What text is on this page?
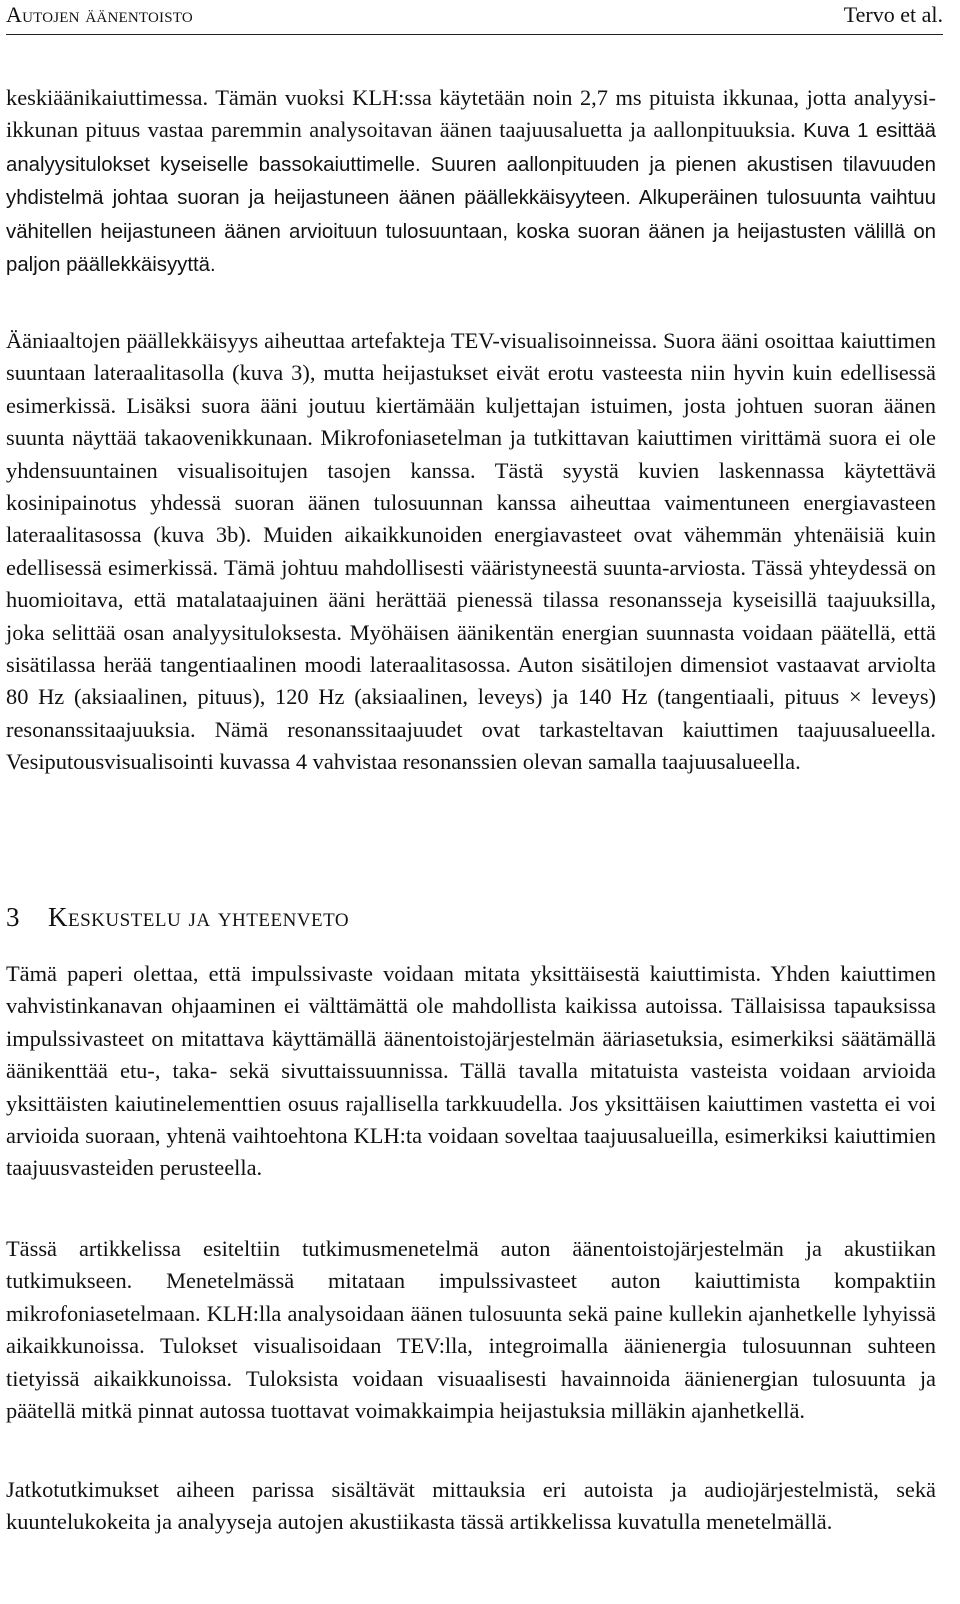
Autojen äänentoisto	Tervo et al.

keskiäänikaiuttimessa. Tämän vuoksi KLH:ssa käytetään noin 2,7 ms pituista ikkunaa, jotta analyysi-ikkunan pituus vastaa paremmin analysoitavan äänen taajuusaluetta ja aallonpituuksia. Kuva 1 esittää analyysitulokset kyseiselle bassokaiuttimelle. Suuren aallonpituuden ja pienen akustisen tilavuuden yhdistelmä johtaa suoran ja heijastuneen äänen päällekkäisyyteen. Alkuperäinen tulosuunta vaihtuu vähitellen heijastuneen äänen arvioituun tulosuuntaan, koska suoran äänen ja heijastusten välillä on paljon päällekkäisyyttä.

Ääniaaltojen päällekkäisyys aiheuttaa artefakteja TEV-visualisoinneissa. Suora ääni osoittaa kaiuttimen suuntaan lateraalitasolla (kuva 3), mutta heijastukset eivät erotu vasteesta niin hyvin kuin edellisessä esimerkissä. Lisäksi suora ääni joutuu kiertämään kuljettajan istuimen, josta johtuen suoran äänen suunta näyttää takaovenikkunaan. Mikrofoniasetelman ja tutkittavan kaiuttimen virittämä suora ei ole yhdensuuntainen visualisoitujen tasojen kanssa. Tästä syystä kuvien laskennassa käytettävä kosinipainotus yhdessä suoran äänen tulosuunnan kanssa aiheuttaa vaimentuneen energiavasteen lateraalitasossa (kuva 3b). Muiden aikaikkunoiden energiavasteet ovat vähemmän yhtenäisiä kuin edellisessä esimerkissä. Tämä johtuu mahdollisesti vääristyneestä suunta-arviosta. Tässä yhteydessä on huomioitava, että matalataajuinen ääni herättää pienessä tilassa resonansseja kyseisillä taajuuksilla, joka selittää osan analyysituloksesta. Myöhäisen äänikentän energian suunnasta voidaan päätellä, että sisätilassa herää tangentiaalinen moodi lateraalitasossa. Auton sisätilojen dimensiot vastaavat arviolta 80 Hz (aksiaalinen, pituus), 120 Hz (aksiaalinen, leveys) ja 140 Hz (tangentiaali, pituus × leveys) resonanssitaajuuksia. Nämä resonanssitaajuudet ovat tarkasteltavan kaiuttimen taajuusalueella. Vesiputousvisualisointi kuvassa 4 vahvistaa resonanssien olevan samalla taajuusalueella.

3 Keskustelu ja yhteenveto

Tämä paperi olettaa, että impulssivaste voidaan mitata yksittäisestä kaiuttimista. Yhden kaiuttimen vahvistinkanavan ohjaaminen ei välttämättä ole mahdollista kaikissa autoissa. Tällaisissa tapauksissa impulssivasteet on mitattava käyttämällä äänentoistojärjestelmän ääriasetuksia, esimerkiksi säätämällä äänikenttää etu-, taka- sekä sivuttaissuunnissa. Tällä tavalla mitatuista vasteista voidaan arvioida yksittäisten kaiutinelementtien osuus rajallisella tarkkuudella. Jos yksittäisen kaiuttimen vastetta ei voi arvioida suoraan, yhtenä vaihtoehtona KLH:ta voidaan soveltaa taajuusalueilla, esimerkiksi kaiuttimien taajuusvasteiden perusteella.

Tässä artikkelissa esiteltiin tutkimusmenetelmä auton äänentoistojärjestelmän ja akustiikan tutkimukseen. Menetelmässä mitataan impulssivasteet auton kaiuttimista kompaktiin mikrofoniasetelmaan. KLH:lla analysoidaan äänen tulosuunta sekä paine kullekin ajanhetkelle lyhyissä aikaikkunoissa. Tulokset visualisoidaan TEV:lla, integroimalla äänienergia tulosuunnan suhteen tietyissä aikaikkunoissa. Tuloksista voidaan visuaalisesti havainnoida äänienergian tulosuunta ja päätellä mitkä pinnat autossa tuottavat voimakkaimpia heijastuksia milläkin ajanhetkellä.

Jatkotutkimukset aiheen parissa sisältävät mittauksia eri autoista ja audiojärjestelmistä, sekä kuuntelukokeita ja analyyseja autojen akustiikasta tässä artikkelissa kuvatulla menetelmällä.
